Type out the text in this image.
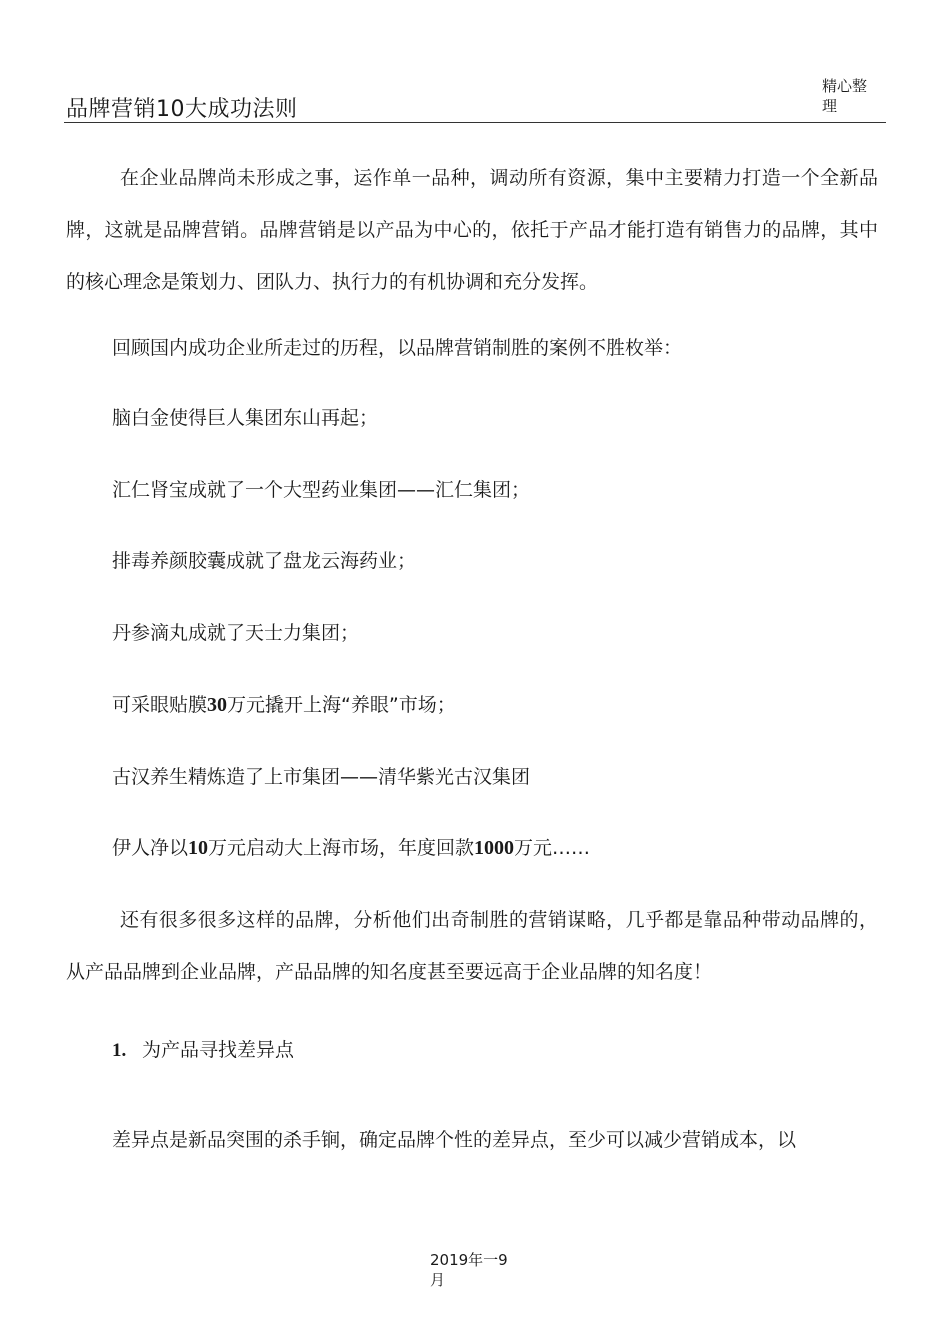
品牌营销10大成功法则
精心整理

在企业品牌尚未形成之事，运作单一品种，调动所有资源，集中主要精力打造一个全新品牌，这就是品牌营销。品牌营销是以产品为中心的，依托于产品才能打造有销售力的品牌，其中的核心理念是策划力、团队力、执行力的有机协调和充分发挥。

回顾国内成功企业所走过的历程，以品牌营销制胜的案例不胜枚举：
脑白金使得巨人集团东山再起；
汇仁肾宝成就了一个大型药业集团——汇仁集团；
排毒养颜胶囊成就了盘龙云海药业；
丹参滴丸成就了天士力集团；
可采眼贴膜30万元撬开上海“养眼”市场；
古汉养生精炼造了上市集团——清华紫光古汉集团
伊人净以10万元启动大上海市场，年度回款1000万元……

还有很多很多这样的品牌，分析他们出奇制胜的营销谋略，几乎都是靠品种带动品牌的，从产品品牌到企业品牌，产品品牌的知名度甚至要远高于企业品牌的知名度！

1. 为产品寻找差异点
差异点是新品突围的杀手锏，确定品牌个性的差异点，至少可以减少营销成本，以
2019年一9月
